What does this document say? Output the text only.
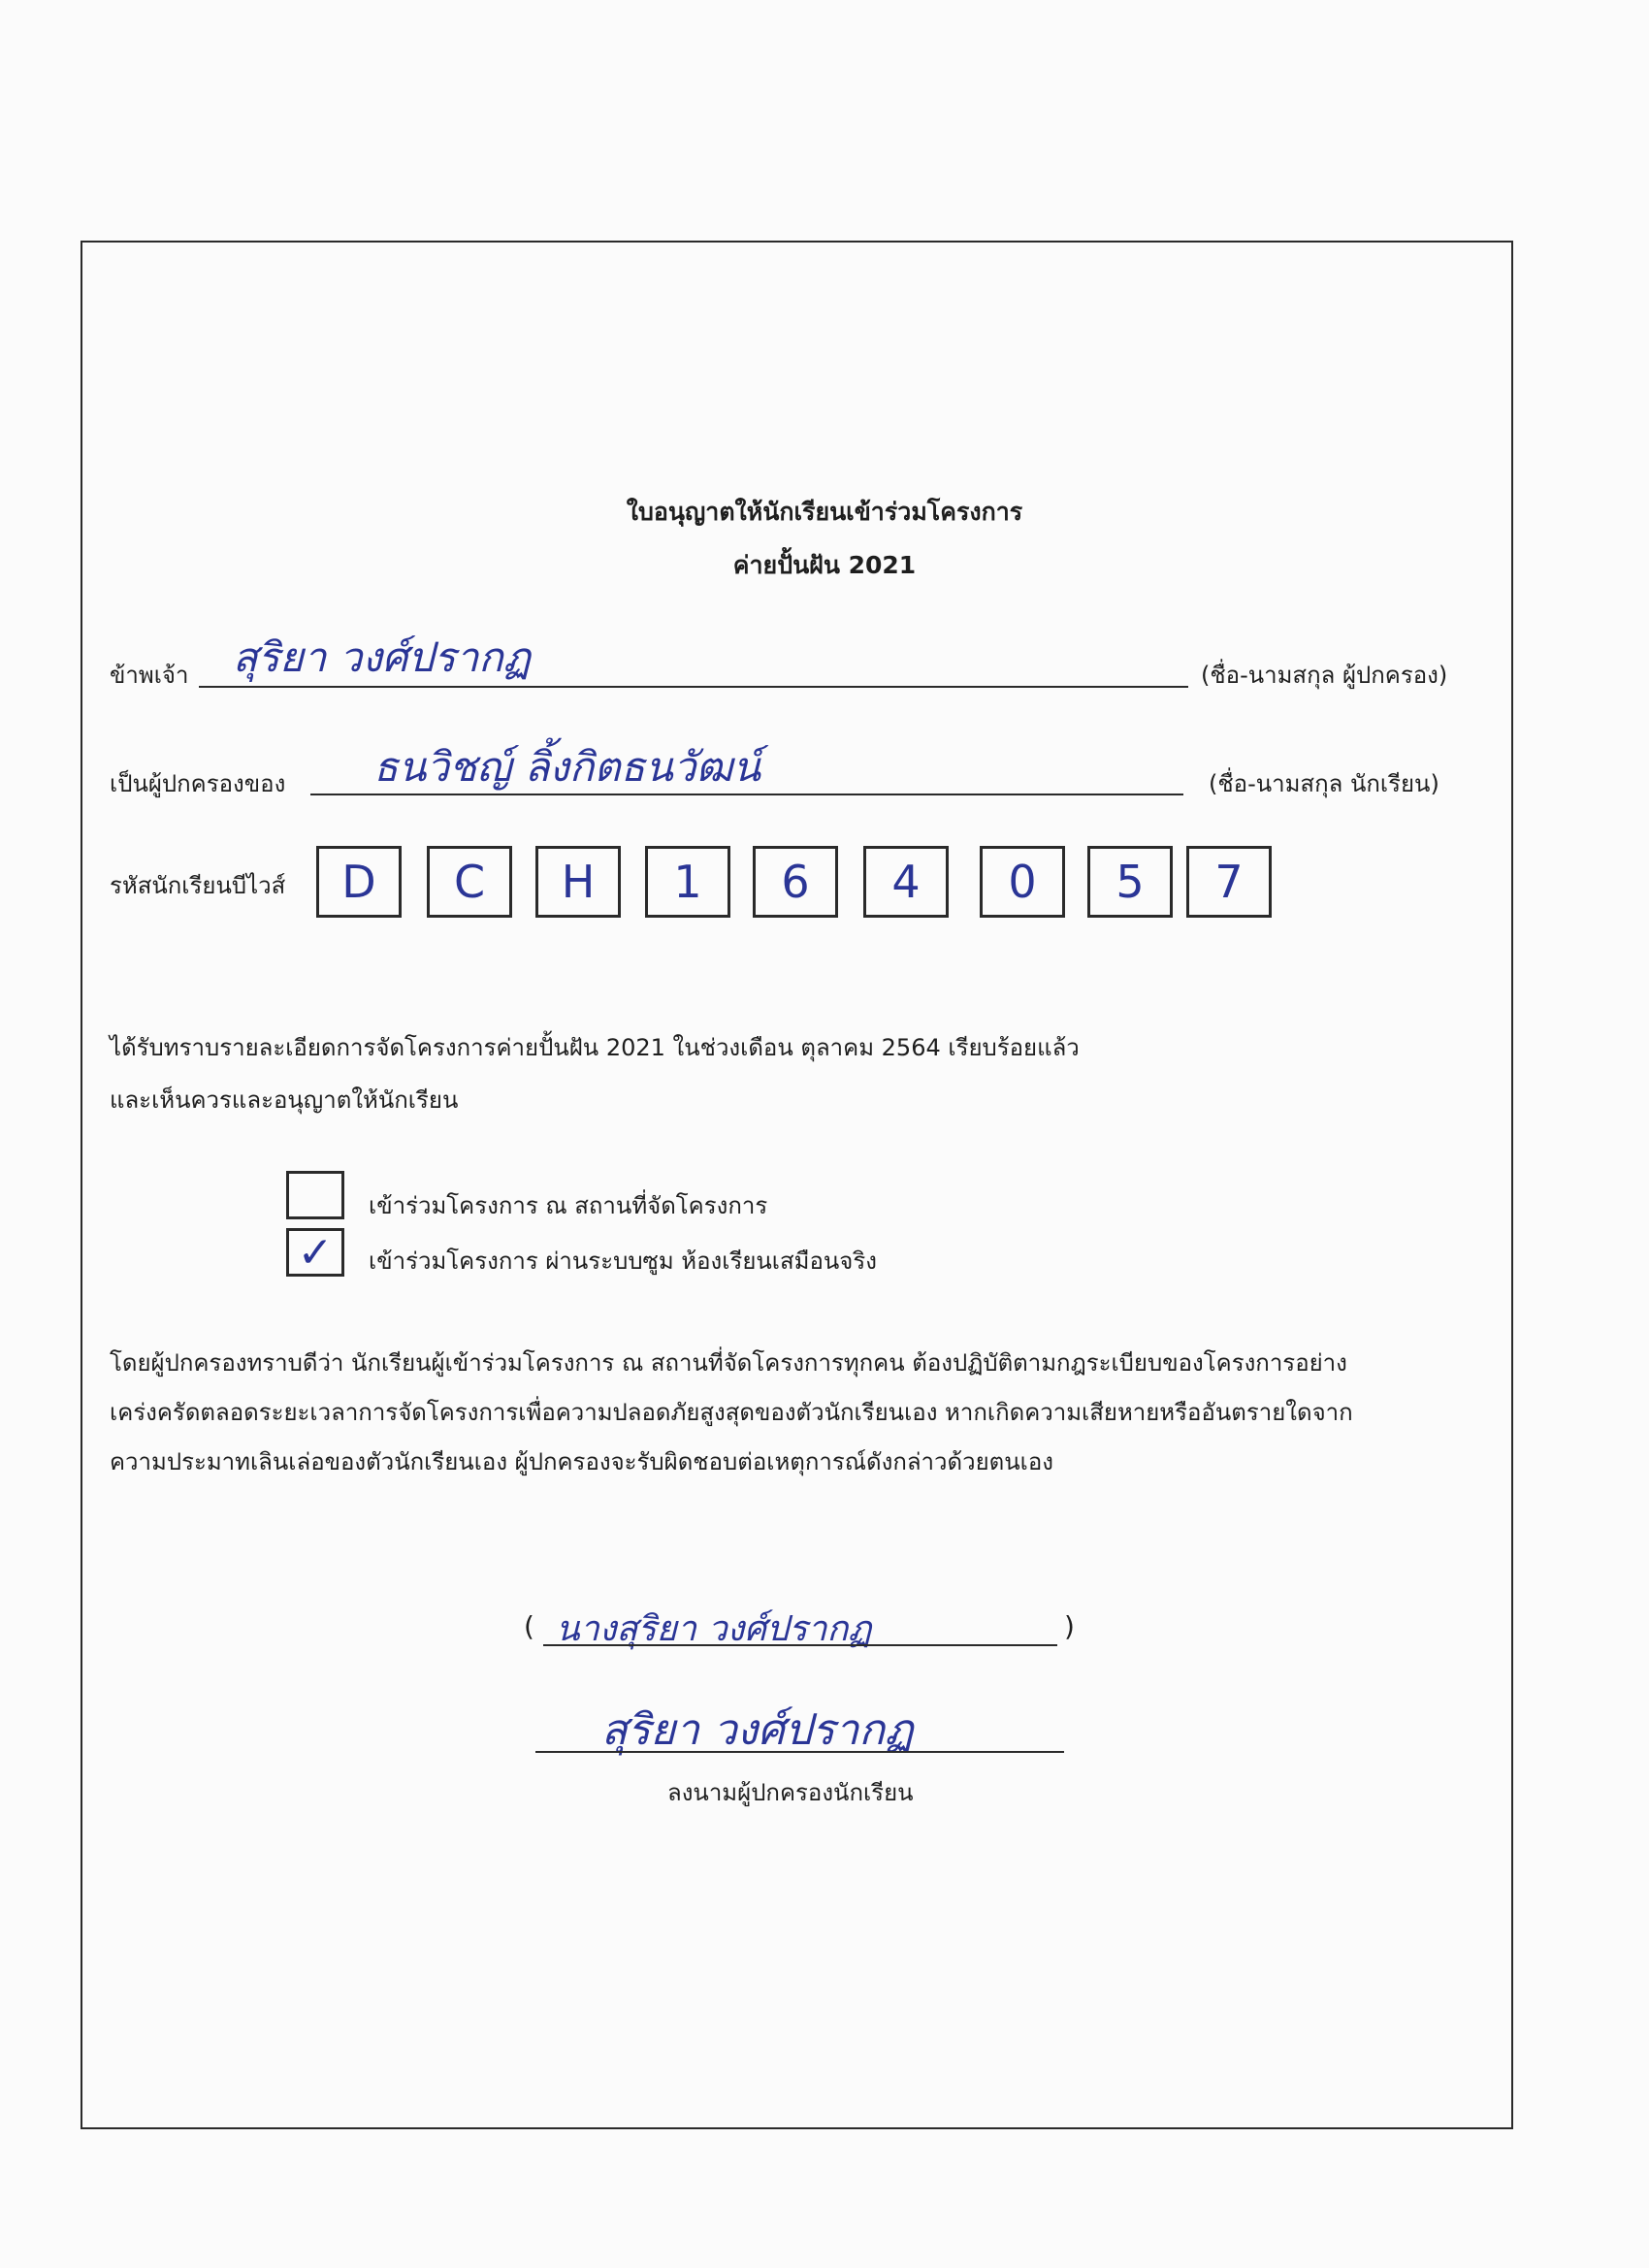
ใบอนุญาตให้นักเรียนเข้าร่วมโครงการ
ค่ายปั้นฝัน 2021
ข้าพเจ้า สุริยา วงศ์ปรากฏ	(ชื่อ-นามสกุล ผู้ปกครอง)
เป็นผู้ปกครองของ ธนวิชญ์ ลิ้งกิตธนวัฒน์	(ชื่อ-นามสกุล นักเรียน)
รหัสนักเรียนบีไวส์	D	C	H	1	6	4	0	5	7
ได้รับทราบรายละเอียดการจัดโครงการค่ายปั้นฝัน 2021 ในช่วงเดือน ตุลาคม 2564 เรียบร้อยแล้ว
และเห็นควรและอนุญาตให้นักเรียน
เข้าร่วมโครงการ ณ สถานที่จัดโครงการ
✓ เข้าร่วมโครงการ ผ่านระบบซูม ห้องเรียนเสมือนจริง
โดยผู้ปกครองทราบดีว่า นักเรียนผู้เข้าร่วมโครงการ ณ สถานที่จัดโครงการทุกคน ต้องปฏิบัติตามกฎระเบียบของโครงการอย่าง
เคร่งครัดตลอดระยะเวลาการจัดโครงการเพื่อความปลอดภัยสูงสุดของตัวนักเรียนเอง หากเกิดความเสียหายหรืออันตรายใดจาก
ความประมาทเลินเล่อของตัวนักเรียนเอง ผู้ปกครองจะรับผิดชอบต่อเหตุการณ์ดังกล่าวด้วยตนเอง
( นางสุริยา วงศ์ปรากฏ	)
สุริยา วงศ์ปรากฏ
ลงนามผู้ปกครองนักเรียน
